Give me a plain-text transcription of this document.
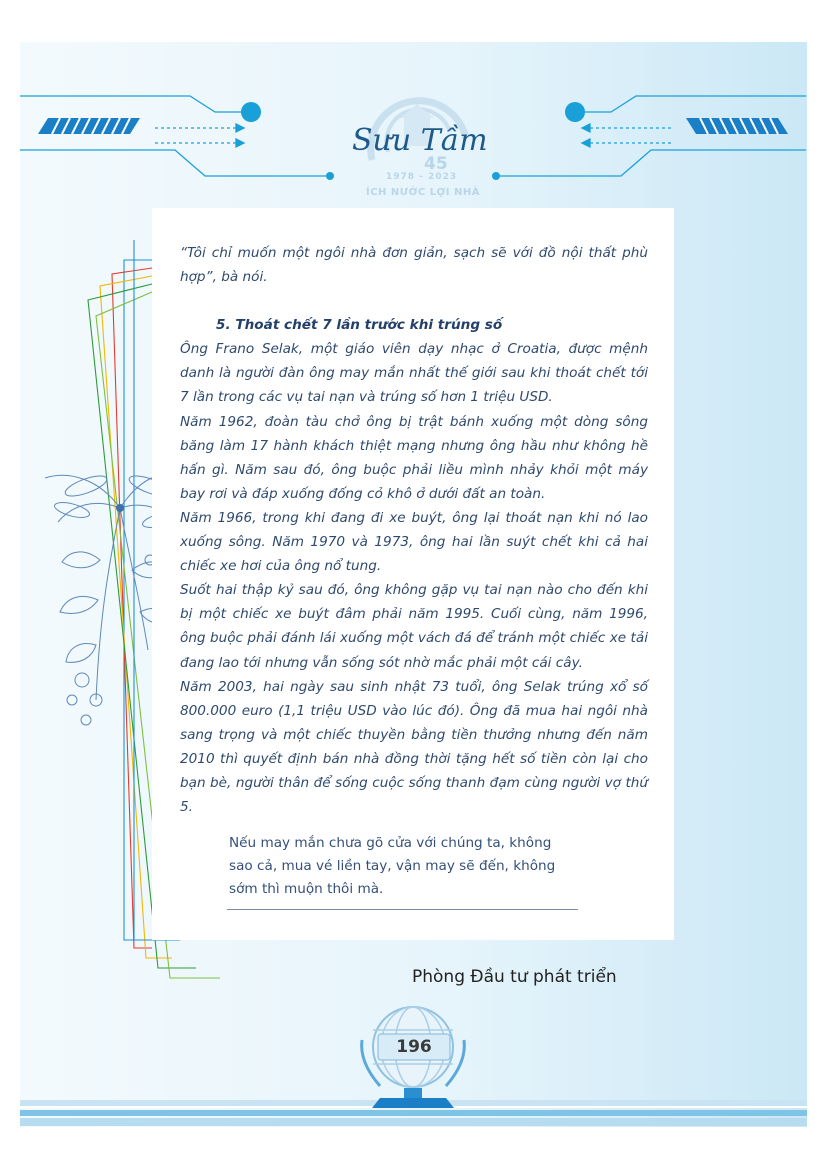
45
1978 - 2023
ÍCH NƯỚC LỢI NHÀ
Sưu Tầm

“Tôi chỉ muốn một ngôi nhà đơn giản, sạch sẽ với đồ nội thất phù hợp”, bà nói.

5. Thoát chết 7 lần trước khi trúng số

Ông Frano Selak, một giáo viên dạy nhạc ở Croatia, được mệnh danh là người đàn ông may mắn nhất thế giới sau khi thoát chết tới 7 lần trong các vụ tai nạn và trúng số hơn 1 triệu USD.

Năm 1962, đoàn tàu chở ông bị trật bánh xuống một dòng sông băng làm 17 hành khách thiệt mạng nhưng ông hầu như không hề hấn gì. Năm sau đó, ông buộc phải liều mình nhảy khỏi một máy bay rơi và đáp xuống đống cỏ khô ở dưới đất an toàn.

Năm 1966, trong khi đang đi xe buýt, ông lại thoát nạn khi nó lao xuống sông. Năm 1970 và 1973, ông hai lần suýt chết khi cả hai chiếc xe hơi của ông nổ tung.

Suốt hai thập kỷ sau đó, ông không gặp vụ tai nạn nào cho đến khi bị một chiếc xe buýt đâm phải năm 1995. Cuối cùng, năm 1996, ông buộc phải đánh lái xuống một vách đá để tránh một chiếc xe tải đang lao tới nhưng vẫn sống sót nhờ mắc phải một cái cây.

Năm 2003, hai ngày sau sinh nhật 73 tuổi, ông Selak trúng xổ số 800.000 euro (1,1 triệu USD vào lúc đó). Ông đã mua hai ngôi nhà sang trọng và một chiếc thuyền bằng tiền thưởng nhưng đến năm 2010 thì quyết định bán nhà đồng thời tặng hết số tiền còn lại cho bạn bè, người thân để sống cuộc sống thanh đạm cùng người vợ thứ 5.

Nếu may mắn chưa gõ cửa với chúng ta, không sao cả, mua vé liền tay, vận may sẽ đến, không sớm thì muộn thôi mà.
Phòng Đầu tư phát triển
196
